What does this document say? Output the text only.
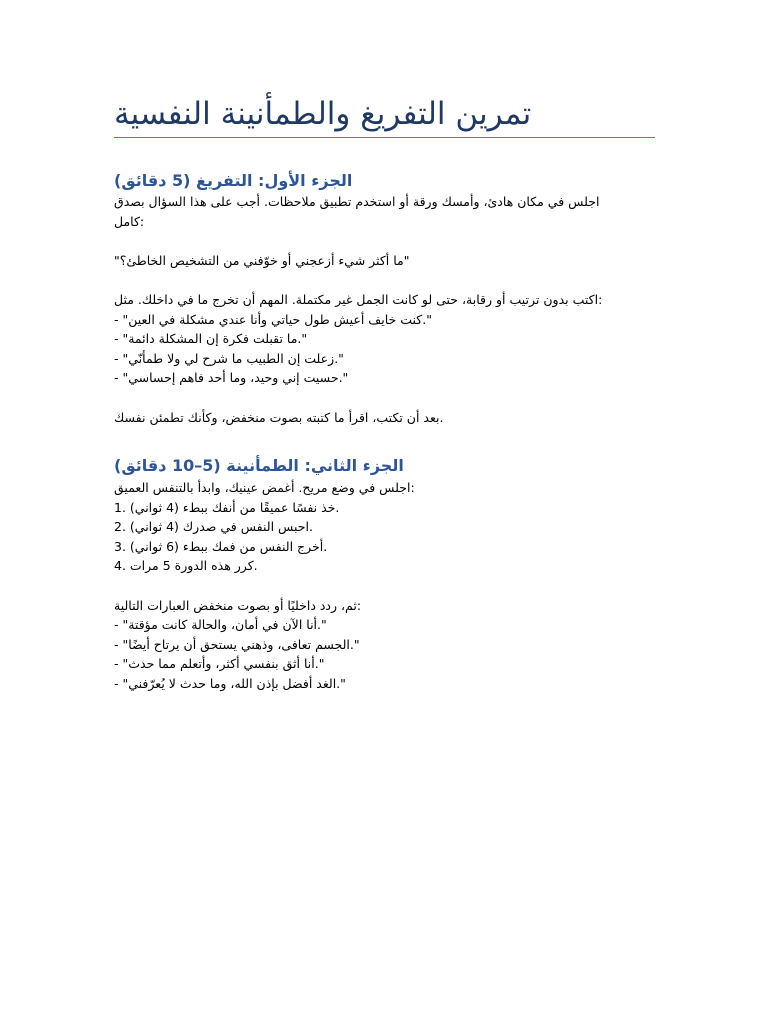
تمرين التفريغ والطمأنينة النفسية
الجزء الأول: التفريغ (5 دقائق)
اجلس في مكان هادئ، وأمسك ورقة أو استخدم تطبيق ملاحظات. أجب على هذا السؤال بصدق
كامل:
"ما أكثر شيء أزعجني أو خوّفني من التشخيص الخاطئ؟"
اكتب بدون ترتيب أو رقابة، حتى لو كانت الجمل غير مكتملة. المهم أن تخرج ما في داخلك. مثل:
- "كنت خايف أعيش طول حياتي وأنا عندي مشكلة في العين."
- "ما تقبلت فكرة إن المشكلة دائمة."
- "زعلت إن الطبيب ما شرح لي ولا طمأنّي."
- "حسيت إني وحيد، وما أحد فاهم إحساسي."
بعد أن تكتب، اقرأ ما كتبته بصوت منخفض، وكأنك تطمئن نفسك.
الجزء الثاني: الطمأنينة (5–10 دقائق)
اجلس في وضع مريح. أغمض عينيك، وابدأ بالتنفس العميق:
1. خذ نفسًا عميقًا من أنفك ببطء (4 ثواني).
2. احبس النفس في صدرك (4 ثواني).
3. أخرج النفس من فمك ببطء (6 ثواني).
4. كرر هذه الدورة 5 مرات.
ثم، ردد داخليًا أو بصوت منخفض العبارات التالية:
- "أنا الآن في أمان، والحالة كانت مؤقتة."
- "الجسم تعافى، وذهني يستحق أن يرتاح أيضًا."
- "أنا أثق بنفسي أكثر، وأتعلم مما حدث."
- "الغد أفضل بإذن الله، وما حدث لا يُعرّفني."
